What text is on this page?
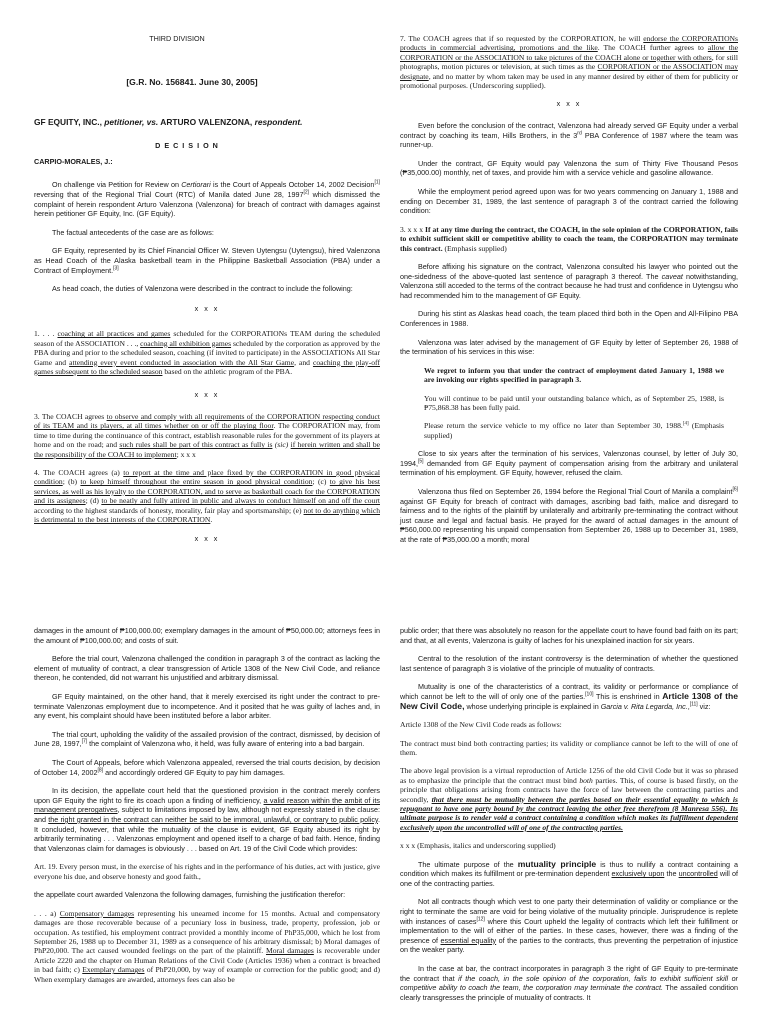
THIRD DIVISION
[G.R. No. 156841. June 30, 2005]
GF EQUITY, INC., petitioner, vs. ARTURO VALENZONA, respondent.
D E C I S I O N
CARPIO-MORALES, J.:

On challenge via Petition for Review on Certiorari is the Court of Appeals October 14, 2002 Decision[1] reversing that of the Regional Trial Court (RTC) of Manila dated June 28, 1997[2] which dismissed the complaint of herein respondent Arturo Valenzona (Valenzona) for breach of contract with damages against herein petitioner GF Equity, Inc. (GF Equity).

The factual antecedents of the case are as follows:

GF Equity, represented by its Chief Financial Officer W. Steven Uytengsu (Uytengsu), hired Valenzona as Head Coach of the Alaska basketball team in the Philippine Basketball Association (PBA) under a Contract of Employment.[3]

As head coach, the duties of Valenzona were described in the contract to include the following:

x x x

1. . . . coaching at all practices and games scheduled for the CORPORATIONs TEAM during the scheduled season of the ASSOCIATION . . ., coaching all exhibition games scheduled by the corporation as approved by the PBA during and prior to the scheduled season, coaching (if invited to participate) in the ASSOCIATIONs All Star Game and attending every event conducted in association with the All Star Game, and coaching the play-off games subsequent to the scheduled season based on the athletic program of the PBA.

x x x

3. The COACH agrees to observe and comply with all requirements of the CORPORATION respecting conduct of its TEAM and its players, at all times whether on or off the playing floor. The CORPORATION may, from time to time during the continuance of this contract, establish reasonable rules for the government of its players at home and on the road; and such rules shall be part of this contract as fully is (sic) if herein written and shall be the responsibility of the COACH to implement; x x x

4. The COACH agrees (a) to report at the time and place fixed by the CORPORATION in good physical condition; (b) to keep himself throughout the entire season in good physical condition; (c) to give his best services, as well as his loyalty to the CORPORATION, and to serve as basketball coach for the CORPORATION and its assignees; (d) to be neatly and fully attired in public and always to conduct himself on and off the court according to the highest standards of honesty, morality, fair play and sportsmanship; (e) not to do anything which is detrimental to the best interests of the CORPORATION.

x x x

7. The COACH agrees that if so requested by the CORPORATION, he will endorse the CORPORATIONs products in commercial advertising, promotions and the like. The COACH further agrees to allow the CORPORATION or the ASSOCIATION to take pictures of the COACH alone or together with others, for still photographs, motion pictures or television, at such times as the CORPORATION or the ASSOCIATION may designate, and no matter by whom taken may be used in any manner desired by either of them for publicity or promotional purposes. (Underscoring supplied).

x x x

Even before the conclusion of the contract, Valenzona had already served GF Equity under a verbal contract by coaching its team, Hills Brothers, in the 3rd PBA Conference of 1987 where the team was runner-up.

Under the contract, GF Equity would pay Valenzona the sum of Thirty Five Thousand Pesos (₱35,000.00) monthly, net of taxes, and provide him with a service vehicle and gasoline allowance.

While the employment period agreed upon was for two years commencing on January 1, 1988 and ending on December 31, 1989, the last sentence of paragraph 3 of the contract carried the following condition:

3. x x x If at any time during the contract, the COACH, in the sole opinion of the CORPORATION, fails to exhibit sufficient skill or competitive ability to coach the team, the CORPORATION may terminate this contract. (Emphasis supplied)

Before affixing his signature on the contract, Valenzona consulted his lawyer who pointed out the one-sidedness of the above-quoted last sentence of paragraph 3 thereof. The caveat notwithstanding, Valenzona still acceded to the terms of the contract because he had trust and confidence in Uytengsu who had recommended him to the management of GF Equity.

During his stint as Alaskas head coach, the team placed third both in the Open and All-Filipino PBA Conferences in 1988.

Valenzona was later advised by the management of GF Equity by letter of September 26, 1988 of the termination of his services in this wise:

We regret to inform you that under the contract of employment dated January 1, 1988 we are invoking our rights specified in paragraph 3.

You will continue to be paid until your outstanding balance which, as of September 25, 1988, is ₱75,868.38 has been fully paid.

Please return the service vehicle to my office no later than September 30, 1988.[4] (Emphasis supplied)

Close to six years after the termination of his services, Valenzonas counsel, by letter of July 30, 1994,[5] demanded from GF Equity payment of compensation arising from the arbitrary and unilateral termination of his employment. GF Equity, however, refused the claim.

Valenzona thus filed on September 26, 1994 before the Regional Trial Court of Manila a complaint[6] against GF Equity for breach of contract with damages, ascribing bad faith, malice and disregard to fairness and to the rights of the plaintiff by unilaterally and arbitrarily pre-terminating the contract without just cause and legal and factual basis. He prayed for the award of actual damages in the amount of ₱560,000.00 representing his unpaid compensation from September 26, 1988 up to December 31, 1989, at the rate of ₱35,000.00 a month; moral

damages in the amount of ₱100,000.00; exemplary damages in the amount of ₱50,000.00; attorneys fees in the amount of ₱100,000.00; and costs of suit.

Before the trial court, Valenzona challenged the condition in paragraph 3 of the contract as lacking the element of mutuality of contract, a clear transgression of Article 1308 of the New Civil Code, and reliance thereon, he contended, did not warrant his unjustified and arbitrary dismissal.

GF Equity maintained, on the other hand, that it merely exercised its right under the contract to pre-terminate Valenzonas employment due to incompetence. And it posited that he was guilty of laches and, in any event, his complaint should have been instituted before a labor arbiter.

The trial court, upholding the validity of the assailed provision of the contract, dismissed, by decision of June 28, 1997,[7] the complaint of Valenzona who, it held, was fully aware of entering into a bad bargain.

The Court of Appeals, before which Valenzona appealed, reversed the trial courts decision, by decision of October 14, 2002[8] and accordingly ordered GF Equity to pay him damages.

In its decision, the appellate court held that the questioned provision in the contract merely confers upon GF Equity the right to fire its coach upon a finding of inefficiency, a valid reason within the ambit of its management prerogatives, subject to limitations imposed by law, although not expressly stated in the clause: and the right granted in the contract can neither be said to be immoral, unlawful, or contrary to public policy. It concluded, however, that while the mutuality of the clause is evident, GF Equity abused its right by arbitrarily terminating . . . Valenzonas employment and opened itself to a charge of bad faith. Hence, finding that Valenzonas claim for damages is obviously . . . based on Art. 19 of the Civil Code which provides:

Art. 19. Every person must, in the exercise of his rights and in the performance of his duties, act with justice, give everyone his due, and observe honesty and good faith.,

the appellate court awarded Valenzona the following damages, furnishing the justification therefor:

. . . a) Compensatory damages representing his unearned income for 15 months. Actual and compensatory damages are those recoverable because of a pecuniary loss in business, trade, property, profession, job or occupation. As testified, his employment contract provided a monthly income of PhP35,000, which he lost from September 26, 1988 up to December 31, 1989 as a consequence of his arbitrary dismissal; b) Moral damages of PhP20,000. The act caused wounded feelings on the part of the plaintiff. Moral damages is recoverable under Article 2220 and the chapter on Human Relations of the Civil Code (Articles 1936) when a contract is breached in bad faith; c) Exemplary damages of PhP20,000, by way of example or correction for the public good; and d) When exemplary damages are awarded, attorneys fees can also be

public order; that there was absolutely no reason for the appellate court to have found bad faith on its part; and that, at all events, Valenzona is guilty of laches for his unexplained inaction for six years.

Central to the resolution of the instant controversy is the determination of whether the questioned last sentence of paragraph 3 is violative of the principle of mutuality of contracts.

Mutuality is one of the characteristics of a contract, its validity or performance or compliance of which cannot be left to the will of only one of the parties.[10] This is enshrined in Article 1308 of the New Civil Code, whose underlying principle is explained in Garcia v. Rita Legarda, Inc.,[11] viz:

Article 1308 of the New Civil Code reads as follows:

The contract must bind both contracting parties; its validity or compliance cannot be left to the will of one of them.

The above legal provision is a virtual reproduction of Article 1256 of the old Civil Code but it was so phrased as to emphasize the principle that the contract must bind both parties. This, of course is based firstly, on the principle that obligations arising from contracts have the force of law between the contracting parties and secondly, that there must be mutuality between the parties based on their essential equality to which is repugnant to have one party bound by the contract leaving the other free therefrom (8 Manresa 556). Its ultimate purpose is to render void a contract containing a condition which makes its fulfillment dependent exclusively upon the uncontrolled will of one of the contracting parties.

x x x (Emphasis, italics and underscoring supplied)

The ultimate purpose of the mutuality principle is thus to nullify a contract containing a condition which makes its fulfillment or pre-termination dependent exclusively upon the uncontrolled will of one of the contracting parties.

Not all contracts though which vest to one party their determination of validity or compliance or the right to terminate the same are void for being violative of the mutuality principle. Jurisprudence is replete with instances of cases[12] where this Court upheld the legality of contracts which left their fulfillment or implementation to the will of either of the parties. In these cases, however, there was a finding of the presence of essential equality of the parties to the contracts, thus preventing the perpetration of injustice on the weaker party.

In the case at bar, the contract incorporates in paragraph 3 the right of GF Equity to pre-terminate the contract that if the coach, in the sole opinion of the corporation, fails to exhibit sufficient skill or competitive ability to coach the team, the corporation may terminate the contract. The assailed condition clearly transgresses the principle of mutuality of contracts. It
